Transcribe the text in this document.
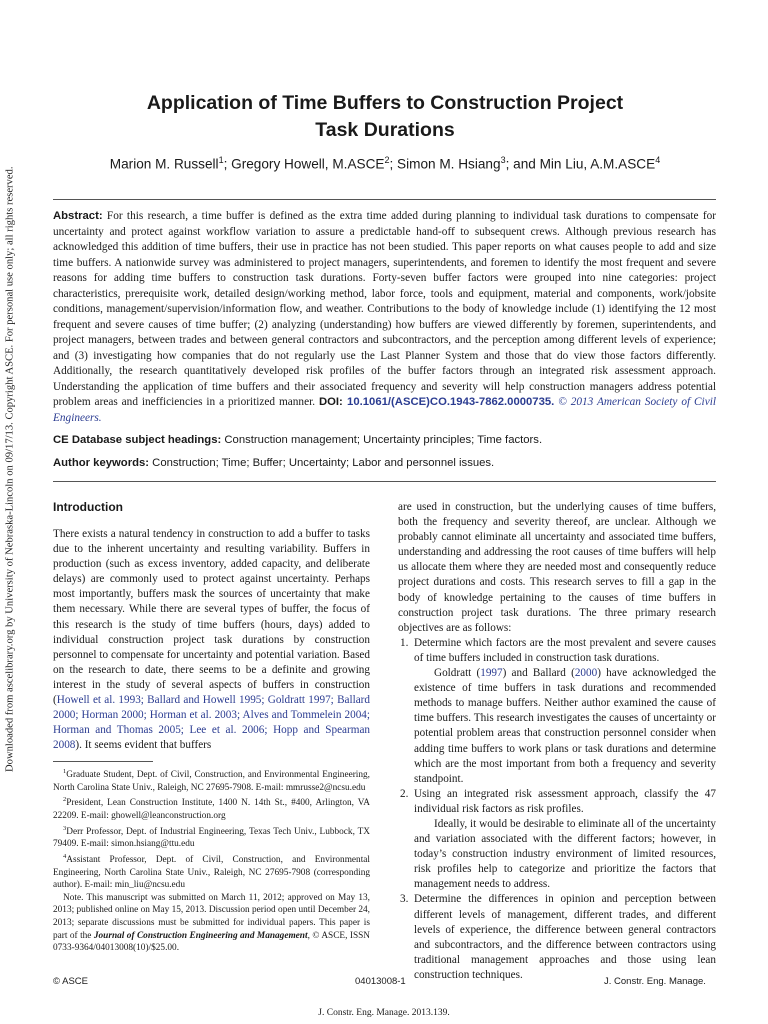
Downloaded from ascelibrary.org by University of Nebraska-Lincoln on 09/17/13. Copyright ASCE. For personal use only; all rights reserved.
Application of Time Buffers to Construction Project
Task Durations
Marion M. Russell$^1$; Gregory Howell, M.ASCE$^2$; Simon M. Hsiang$^3$; and Min Liu, A.M.ASCE$^4$
Abstract: For this research, a time buffer is defined as the extra time added during planning to individual task durations to compensate for uncertainty and protect against workflow variation to assure a predictable hand-off to subsequent crews. Although previous research has acknowledged this addition of time buffers, their use in practice has not been studied. This paper reports on what causes people to add and size time buffers. A nationwide survey was administered to project managers, superintendents, and foremen to identify the most frequent and severe reasons for adding time buffers to construction task durations. Forty-seven buffer factors were grouped into nine categories: project characteristics, prerequisite work, detailed design/working method, labor force, tools and equipment, material and components, work/jobsite conditions, management/supervision/information flow, and weather. Contributions to the body of knowledge include (1) identifying the 12 most frequent and severe causes of time buffer; (2) analyzing (understanding) how buffers are viewed differently by foremen, superintendents, and project managers, between trades and between general contractors and subcontractors, and the perception among different levels of experience; and (3) investigating how companies that do not regularly use the Last Planner System and those that do view those factors differently. Additionally, the research quantitatively developed risk profiles of the buffer factors through an integrated risk assessment approach. Understanding the application of time buffers and their associated frequency and severity will help construction managers address potential problem areas and inefficiencies in a prioritized manner. DOI: 10.1061/(ASCE)CO.1943-7862.0000735. © 2013 American Society of Civil Engineers.
CE Database subject headings: Construction management; Uncertainty principles; Time factors.
Author keywords: Construction; Time; Buffer; Uncertainty; Labor and personnel issues.
Introduction

There exists a natural tendency in construction to add a buffer to tasks due to the inherent uncertainty and resulting variability. Buffers in production (such as excess inventory, added capacity, and deliberate delays) are commonly used to protect against uncertainty. Perhaps most importantly, buffers mask the sources of uncertainty that make them necessary. While there are several types of buffer, the focus of this research is the study of time buffers (hours, days) added to individual construction project task durations by construction personnel to compensate for uncertainty and potential variation. Based on the research to date, there seems to be a definite and growing interest in the study of several aspects of buffers in construction (Howell et al. 1993; Ballard and Howell 1995; Goldratt 1997; Ballard 2000; Horman 2000; Horman et al. 2003; Alves and Tommelein 2004; Horman and Thomas 2005; Lee et al. 2006; Hopp and Spearman 2008). It seems evident that buffers

are used in construction, but the underlying causes of time buffers, both the frequency and severity thereof, are unclear. Although we probably cannot eliminate all uncertainty and associated time buffers, understanding and addressing the root causes of time buffers will help us allocate them where they are needed most and consequently reduce project durations and costs. This research serves to fill a gap in the body of knowledge pertaining to the causes of time buffers in construction project task durations. The three primary research objectives are as follows:

1. Determine which factors are the most prevalent and severe causes of time buffers included in construction task durations.

Goldratt (1997) and Ballard (2000) have acknowledged the existence of time buffers in task durations and recommended methods to manage buffers. Neither author examined the cause of time buffers. This research investigates the causes of uncertainty or potential problem areas that construction personnel consider when adding time buffers to work plans or task durations and determine which are the most important from both a frequency and severity standpoint.

2. Using an integrated risk assessment approach, classify the 47 individual risk factors as risk profiles.

Ideally, it would be desirable to eliminate all of the uncertainty and variation associated with the different factors; however, in today’s construction industry environment of limited resources, risk profiles help to categorize and prioritize the factors that management needs to address.

3. Determine the differences in opinion and perception between different levels of management, different trades, and different levels of experience, the difference between general contractors and subcontractors, and the difference between contractors using traditional management approaches and those using lean construction techniques.

$^1$Graduate Student, Dept. of Civil, Construction, and Environmental Engineering, North Carolina State Univ., Raleigh, NC 27695-7908. E-mail: mmrusse2@ncsu.edu

$^2$President, Lean Construction Institute, 1400 N. 14th St., #400, Arlington, VA 22209. E-mail: ghowell@leanconstruction.org

$^3$Derr Professor, Dept. of Industrial Engineering, Texas Tech Univ., Lubbock, TX 79409. E-mail: simon.hsiang@ttu.edu

$^4$Assistant Professor, Dept. of Civil, Construction, and Environmental Engineering, North Carolina State Univ., Raleigh, NC 27695-7908 (corresponding author). E-mail: min_liu@ncsu.edu

Note. This manuscript was submitted on March 11, 2012; approved on May 13, 2013; published online on May 15, 2013. Discussion period open until December 24, 2013; separate discussions must be submitted for individual papers. This paper is part of the Journal of Construction Engineering and Management, © ASCE, ISSN 0733-9364/04013008(10)/$25.00.

© ASCE	04013008-1	J. Constr. Eng. Manage.
J. Constr. Eng. Manage. 2013.139.
